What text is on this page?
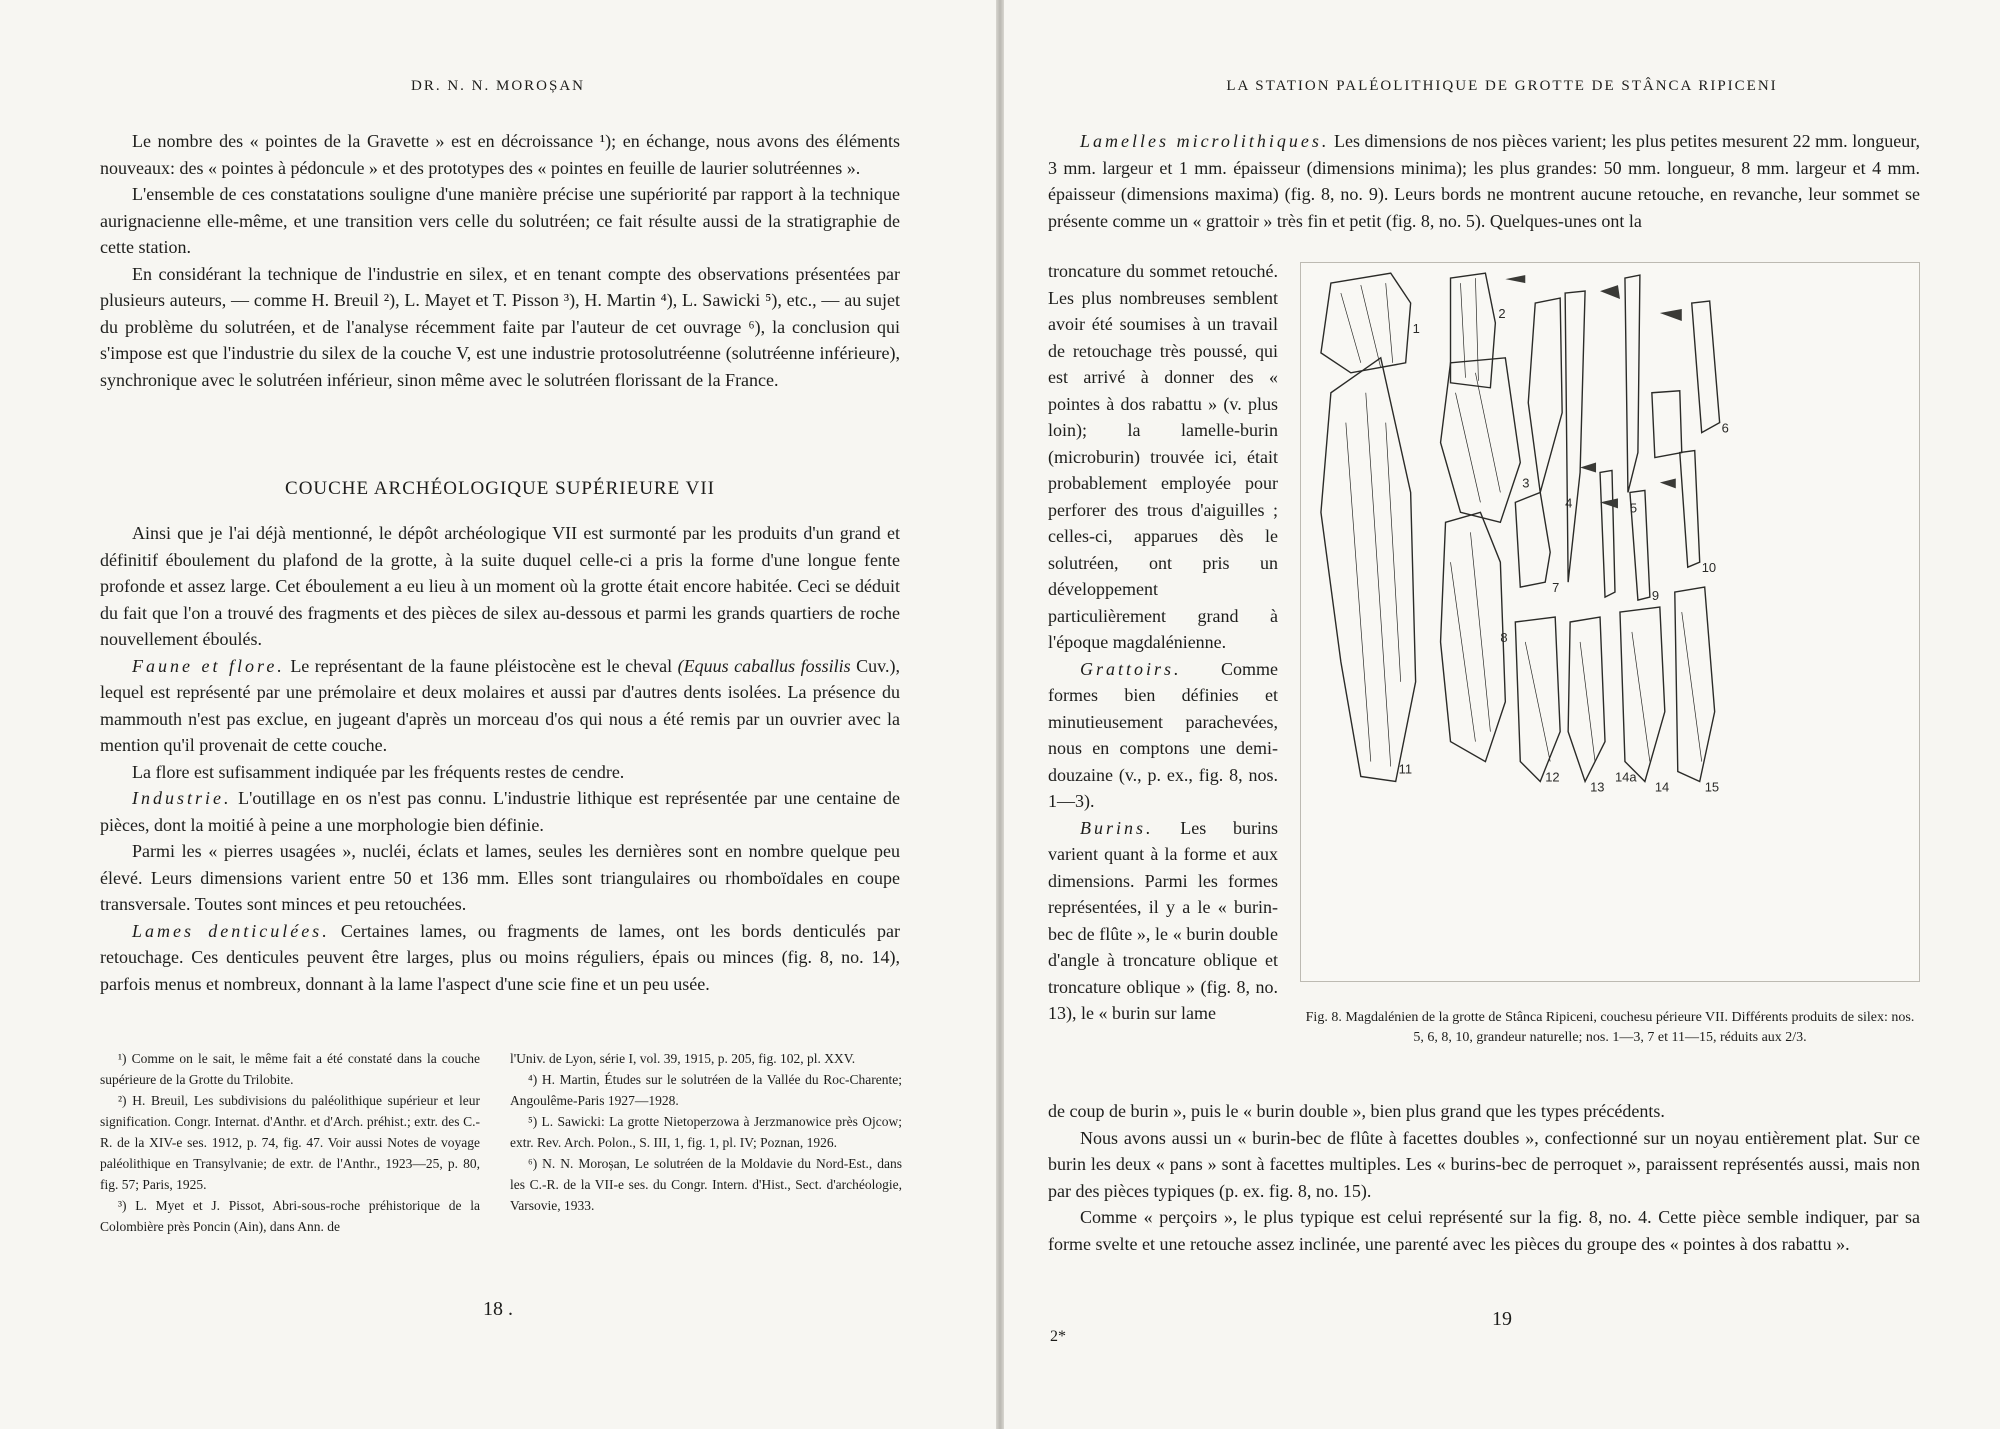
DR. N. N. MOROȘAN

Le nombre des « pointes de la Gravette » est en décroissance ¹); en échange, nous avons des éléments nouveaux: des « pointes à pédoncule » et des prototypes des « pointes en feuille de laurier solutréennes ».

L'ensemble de ces constatations souligne d'une manière précise une supériorité par rapport à la technique aurignacienne elle-même, et une transition vers celle du solutréen; ce fait résulte aussi de la stratigraphie de cette station.

En considérant la technique de l'industrie en silex, et en tenant compte des observations présentées par plusieurs auteurs, — comme H. Breuil ²), L. Mayet et T. Pisson ³), H. Martin ⁴), L. Sawicki ⁵), etc., — au sujet du problème du solutréen, et de l'analyse récemment faite par l'auteur de cet ouvrage ⁶), la conclusion qui s'impose est que l'industrie du silex de la couche V, est une industrie protosolutréenne (solutréenne inférieure), synchronique avec le solutréen inférieur, sinon même avec le solutréen florissant de la France.

COUCHE ARCHÉOLOGIQUE SUPÉRIEURE VII

Ainsi que je l'ai déjà mentionné, le dépôt archéologique VII est surmonté par les produits d'un grand et définitif éboulement du plafond de la grotte, à la suite duquel celle-ci a pris la forme d'une longue fente profonde et assez large. Cet éboulement a eu lieu à un moment où la grotte était encore habitée. Ceci se déduit du fait que l'on a trouvé des fragments et des pièces de silex au-dessous et parmi les grands quartiers de roche nouvellement éboulés.

Faune et flore. Le représentant de la faune pléistocène est le cheval (Equus caballus fossilis Cuv.), lequel est représenté par une prémolaire et deux molaires et aussi par d'autres dents isolées. La présence du mammouth n'est pas exclue, en jugeant d'après un morceau d'os qui nous a été remis par un ouvrier avec la mention qu'il provenait de cette couche.

La flore est sufisamment indiquée par les fréquents restes de cendre.

Industrie. L'outillage en os n'est pas connu. L'industrie lithique est représentée par une centaine de pièces, dont la moitié à peine a une morphologie bien définie.

Parmi les « pierres usagées », nucléi, éclats et lames, seules les dernières sont en nombre quelque peu élevé. Leurs dimensions varient entre 50 et 136 mm. Elles sont triangulaires ou rhomboïdales en coupe transversale. Toutes sont minces et peu retouchées.

Lames denticulées. Certaines lames, ou fragments de lames, ont les bords denticulés par retouchage. Ces denticules peuvent être larges, plus ou moins réguliers, épais ou minces (fig. 8, no. 14), parfois menus et nombreux, donnant à la lame l'aspect d'une scie fine et un peu usée.

¹) Comme on le sait, le même fait a été constaté dans la couche supérieure de la Grotte du Trilobite.

²) H. Breuil, Les subdivisions du paléolithique supérieur et leur signification. Congr. Internat. d'Anthr. et d'Arch. préhist.; extr. des C.-R. de la XIV-e ses. 1912, p. 74, fig. 47. Voir aussi Notes de voyage paléolithique en Transylvanie; de extr. de l'Anthr., 1923—25, p. 80, fig. 57; Paris, 1925.

³) L. Myet et J. Pissot, Abri-sous-roche préhistorique de la Colombière près Poncin (Ain), dans Ann. de

l'Univ. de Lyon, série I, vol. 39, 1915, p. 205, fig. 102, pl. XXV.

⁴) H. Martin, Études sur le solutréen de la Vallée du Roc-Charente; Angoulême-Paris 1927—1928.

⁵) L. Sawicki: La grotte Nietoperzowa à Jerzmanowice près Ojcow; extr. Rev. Arch. Polon., S. III, 1, fig. 1, pl. IV; Poznan, 1926.

⁶) N. N. Moroșan, Le solutréen de la Moldavie du Nord-Est., dans les C.-R. de la VII-e ses. du Congr. Intern. d'Hist., Sect. d'archéologie, Varsovie, 1933.

18 .
LA STATION PALÉOLITHIQUE DE GROTTE DE STÂNCA RIPICENI

Lamelles microlithiques. Les dimensions de nos pièces varient; les plus petites mesurent 22 mm. longueur, 3 mm. largeur et 1 mm. épaisseur (dimensions minima); les plus grandes: 50 mm. longueur, 8 mm. largeur et 4 mm. épaisseur (dimensions maxima) (fig. 8, no. 9). Leurs bords ne montrent aucune retouche, en revanche, leur sommet se présente comme un « grattoir » très fin et petit (fig. 8, no. 5). Quelques-unes ont la

troncature du sommet retouché. Les plus nombreuses semblent avoir été soumises à un travail de retouchage très poussé, qui est arrivé à donner des « pointes à dos rabattu » (v. plus loin); la lamelle-burin (microburin) trouvée ici, était probablement employée pour perforer des trous d'aiguilles ; celles-ci, apparues dès le solutréen, ont pris un développement particulièrement grand à l'époque magdalénienne.

Grattoirs. Comme formes bien définies et minutieusement parachevées, nous en comptons une demi-douzaine (v., p. ex., fig. 8, nos. 1—3).

Burins. Les burins varient quant à la forme et aux dimensions. Parmi les formes représentées, il y a le « burin-bec de flûte », le « burin double d'angle à troncature oblique et troncature oblique » (fig. 8, no. 13), le « burin sur lame

1
2
3
4	5
6
7
8
9
10
11
12
13
14a
14	15
Fig. 8. Magdalénien de la grotte de Stânca Ripiceni, couchesu périeure VII. Différents produits de silex: nos. 5, 6, 8, 10, grandeur naturelle; nos. 1—3, 7 et 11—15, réduits aux 2/3.

de coup de burin », puis le « burin double », bien plus grand que les types précédents.

Nous avons aussi un « burin-bec de flûte à facettes doubles », confectionné sur un noyau entièrement plat. Sur ce burin les deux « pans » sont à facettes multiples. Les « burins-bec de perroquet », paraissent représentés aussi, mais non par des pièces typiques (p. ex. fig. 8, no. 15).

Comme « perçoirs », le plus typique est celui représenté sur la fig. 8, no. 4. Cette pièce semble indiquer, par sa forme svelte et une retouche assez inclinée, une parenté avec les pièces du groupe des « pointes à dos rabattu ».

19
2*
